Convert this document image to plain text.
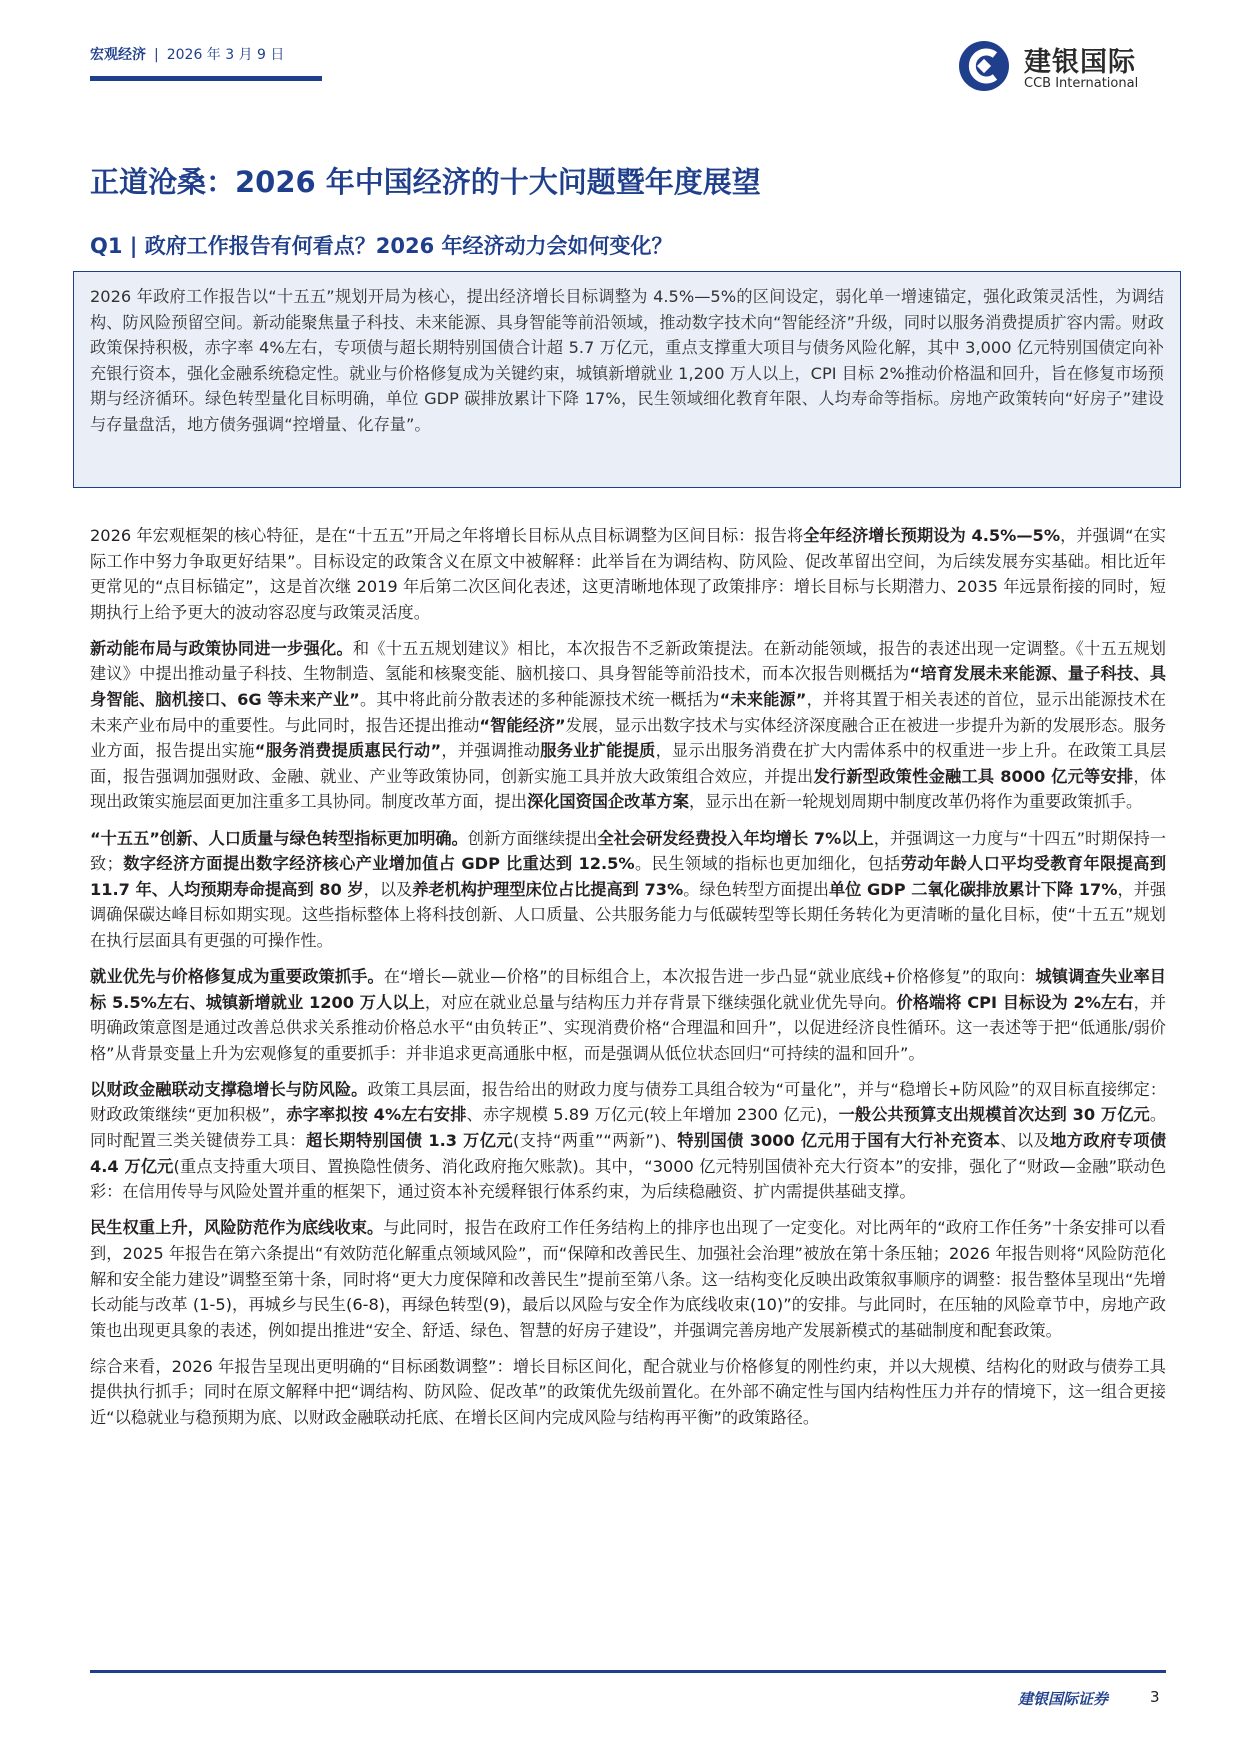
宏观经济 | 2026 年 3 月 9 日	建银国际
CCB International
正道沧桑：2026 年中国经济的十大问题暨年度展望
Q1 | 政府工作报告有何看点？2026 年经济动力会如何变化？

2026 年政府工作报告以“十五五”规划开局为核心，提出经济增长目标调整为 4.5%—5%的区间设定，弱化单一增速锚定，强化政策灵活性，为调结构、防风险预留空间。新动能聚焦量子科技、未来能源、具身智能等前沿领域，推动数字技术向“智能经济”升级，同时以服务消费提质扩容内需。财政政策保持积极，赤字率 4%左右，专项债与超长期特别国债合计超 5.7 万亿元，重点支撑重大项目与债务风险化解，其中 3,000 亿元特别国债定向补充银行资本，强化金融系统稳定性。就业与价格修复成为关键约束，城镇新增就业 1,200 万人以上，CPI 目标 2%推动价格温和回升，旨在修复市场预期与经济循环。绿色转型量化目标明确，单位 GDP 碳排放累计下降 17%，民生领域细化教育年限、人均寿命等指标。房地产政策转向“好房子”建设与存量盘活，地方债务强调“控增量、化存量”。

2026 年宏观框架的核心特征，是在“十五五”开局之年将增长目标从点目标调整为区间目标：报告将全年经济增长预期设为 4.5%—5%，并强调“在实际工作中努力争取更好结果”。目标设定的政策含义在原文中被解释：此举旨在为调结构、防风险、促改革留出空间，为后续发展夯实基础。相比近年更常见的“点目标锚定”，这是首次继 2019 年后第二次区间化表述，这更清晰地体现了政策排序：增长目标与长期潜力、2035 年远景衔接的同时，短期执行上给予更大的波动容忍度与政策灵活度。

新动能布局与政策协同进一步强化。和《十五五规划建议》相比，本次报告不乏新政策提法。在新动能领域，报告的表述出现一定调整。《十五五规划建议》中提出推动量子科技、生物制造、氢能和核聚变能、脑机接口、具身智能等前沿技术，而本次报告则概括为“培育发展未来能源、量子科技、具身智能、脑机接口、6G 等未来产业”。其中将此前分散表述的多种能源技术统一概括为“未来能源”，并将其置于相关表述的首位，显示出能源技术在未来产业布局中的重要性。与此同时，报告还提出推动“智能经济”发展，显示出数字技术与实体经济深度融合正在被进一步提升为新的发展形态。服务业方面，报告提出实施“服务消费提质惠民行动”，并强调推动服务业扩能提质，显示出服务消费在扩大内需体系中的权重进一步上升。在政策工具层面，报告强调加强财政、金融、就业、产业等政策协同，创新实施工具并放大政策组合效应，并提出发行新型政策性金融工具 8000 亿元等安排，体现出政策实施层面更加注重多工具协同。制度改革方面，提出深化国资国企改革方案，显示出在新一轮规划周期中制度改革仍将作为重要政策抓手。

“十五五”创新、人口质量与绿色转型指标更加明确。创新方面继续提出全社会研发经费投入年均增长 7%以上，并强调这一力度与“十四五”时期保持一致；数字经济方面提出数字经济核心产业增加值占 GDP 比重达到 12.5%。民生领域的指标也更加细化，包括劳动年龄人口平均受教育年限提高到 11.7 年、人均预期寿命提高到 80 岁，以及养老机构护理型床位占比提高到 73%。绿色转型方面提出单位 GDP 二氧化碳排放累计下降 17%，并强调确保碳达峰目标如期实现。这些指标整体上将科技创新、人口质量、公共服务能力与低碳转型等长期任务转化为更清晰的量化目标，使“十五五”规划在执行层面具有更强的可操作性。

就业优先与价格修复成为重要政策抓手。在“增长—就业—价格”的目标组合上，本次报告进一步凸显“就业底线+价格修复”的取向：城镇调查失业率目标 5.5%左右、城镇新增就业 1200 万人以上，对应在就业总量与结构压力并存背景下继续强化就业优先导向。价格端将 CPI 目标设为 2%左右，并明确政策意图是通过改善总供求关系推动价格总水平“由负转正”、实现消费价格“合理温和回升”，以促进经济良性循环。这一表述等于把“低通胀/弱价格”从背景变量上升为宏观修复的重要抓手：并非追求更高通胀中枢，而是强调从低位状态回归“可持续的温和回升”。

以财政金融联动支撑稳增长与防风险。政策工具层面，报告给出的财政力度与债券工具组合较为“可量化”，并与“稳增长+防风险”的双目标直接绑定：财政政策继续“更加积极”，赤字率拟按 4%左右安排、赤字规模 5.89 万亿元(较上年增加 2300 亿元)，一般公共预算支出规模首次达到 30 万亿元。同时配置三类关键债券工具：超长期特别国债 1.3 万亿元(支持“两重”“两新”)、特别国债 3000 亿元用于国有大行补充资本、以及地方政府专项债 4.4 万亿元(重点支持重大项目、置换隐性债务、消化政府拖欠账款)。其中，“3000 亿元特别国债补充大行资本”的安排，强化了“财政—金融”联动色彩：在信用传导与风险处置并重的框架下，通过资本补充缓释银行体系约束，为后续稳融资、扩内需提供基础支撑。

民生权重上升，风险防范作为底线收束。与此同时，报告在政府工作任务结构上的排序也出现了一定变化。对比两年的“政府工作任务”十条安排可以看到，2025 年报告在第六条提出“有效防范化解重点领域风险”，而“保障和改善民生、加强社会治理”被放在第十条压轴；2026 年报告则将“风险防范化解和安全能力建设”调整至第十条，同时将“更大力度保障和改善民生”提前至第八条。这一结构变化反映出政策叙事顺序的调整：报告整体呈现出“先增长动能与改革 (1-5)，再城乡与民生(6-8)，再绿色转型(9)，最后以风险与安全作为底线收束(10)”的安排。与此同时，在压轴的风险章节中，房地产政策也出现更具象的表述，例如提出推进“安全、舒适、绿色、智慧的好房子建设”，并强调完善房地产发展新模式的基础制度和配套政策。

综合来看，2026 年报告呈现出更明确的“目标函数调整”：增长目标区间化，配合就业与价格修复的刚性约束，并以大规模、结构化的财政与债券工具提供执行抓手；同时在原文解释中把“调结构、防风险、促改革”的政策优先级前置化。在外部不确定性与国内结构性压力并存的情境下，这一组合更接近“以稳就业与稳预期为底、以财政金融联动托底、在增长区间内完成风险与结构再平衡”的政策路径。

建银国际证券	3
